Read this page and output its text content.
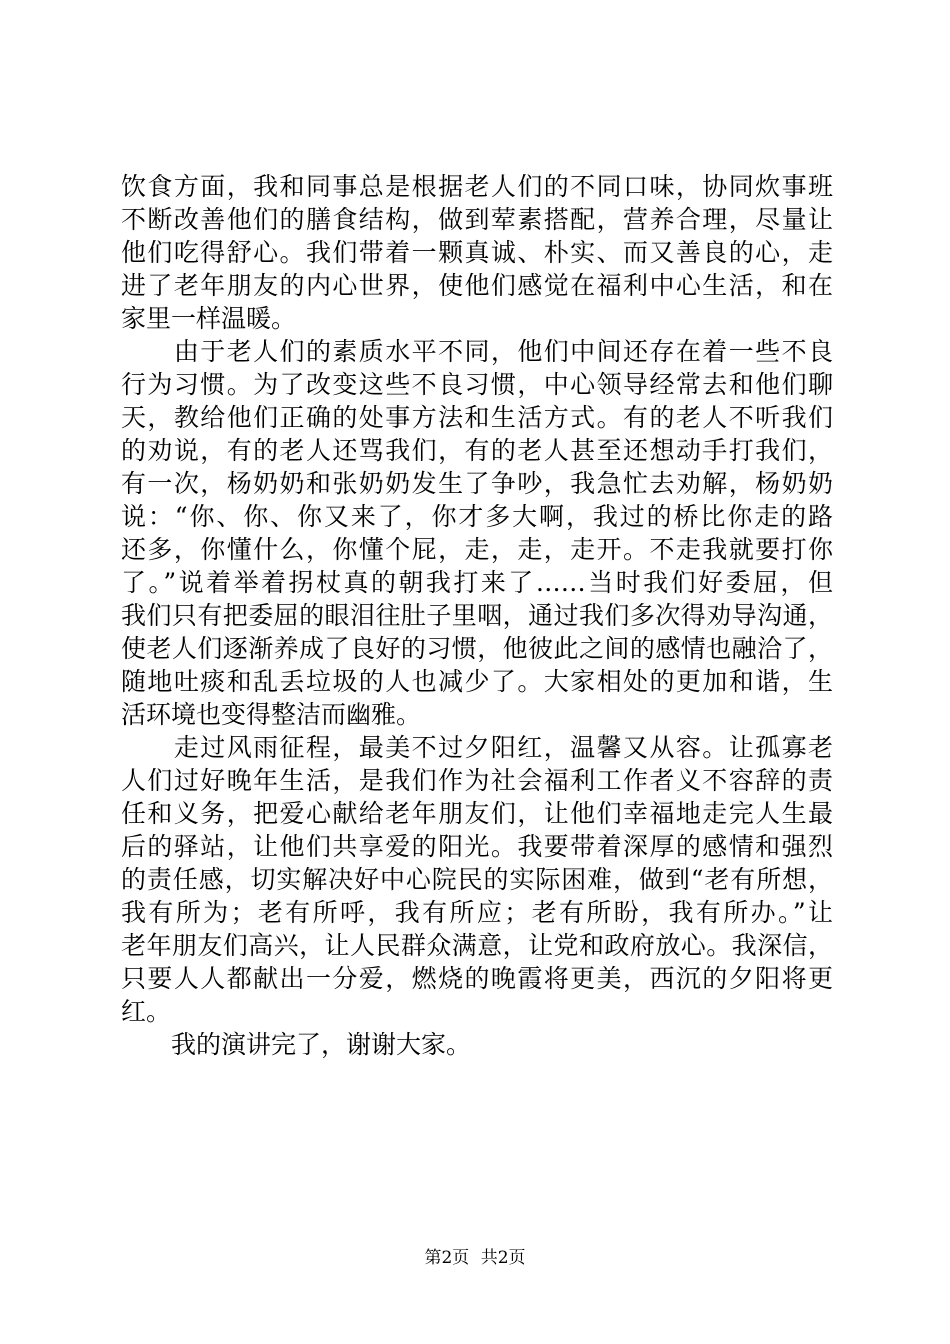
饮食方面，我和同事总是根据老人们的不同口味，协同炊事班
不断改善他们的膳食结构，做到荤素搭配，营养合理，尽量让
他们吃得舒心。我们带着一颗真诚、朴实、而又善良的心，走
进了老年朋友的内心世界，使他们感觉在福利中心生活，和在
家里一样温暖。
　　由于老人们的素质水平不同，他们中间还存在着一些不良
行为习惯。为了改变这些不良习惯，中心领导经常去和他们聊
天，教给他们正确的处事方法和生活方式。有的老人不听我们
的劝说，有的老人还骂我们，有的老人甚至还想动手打我们，
有一次，杨奶奶和张奶奶发生了争吵，我急忙去劝解，杨奶奶
说：“你、你、你又来了，你才多大啊，我过的桥比你走的路
还多，你懂什么，你懂个屁，走，走，走开。不走我就要打你
了。”说着举着拐杖真的朝我打来了……当时我们好委屈，但
我们只有把委屈的眼泪往肚子里咽，通过我们多次得劝导沟通，
使老人们逐渐养成了良好的习惯，他彼此之间的感情也融洽了，
随地吐痰和乱丢垃圾的人也减少了。大家相处的更加和谐，生
活环境也变得整洁而幽雅。
　　走过风雨征程，最美不过夕阳红，温馨又从容。让孤寡老
人们过好晚年生活，是我们作为社会福利工作者义不容辞的责
任和义务，把爱心献给老年朋友们，让他们幸福地走完人生最
后的驿站，让他们共享爱的阳光。我要带着深厚的感情和强烈
的责任感，切实解决好中心院民的实际困难，做到“老有所想，
我有所为；老有所呼，我有所应；老有所盼，我有所办。”让
老年朋友们高兴，让人民群众满意，让党和政府放心。我深信，
只要人人都献出一分爱，燃烧的晚霞将更美，西沉的夕阳将更
红。
　　我的演讲完了，谢谢大家。
第2页 共2页
